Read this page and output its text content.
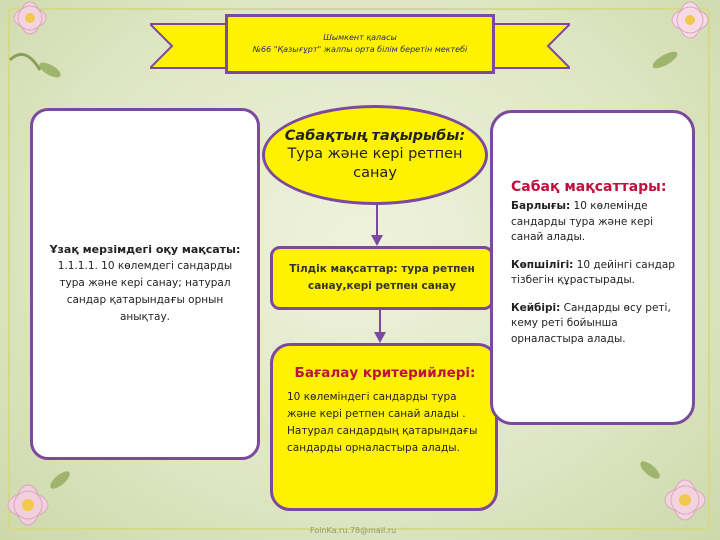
Шымкент қаласы
№66 "Қазығұрт" жалпы орта білім беретін мектебі
Ұзақ мерзімдегі оқу мақсаты:
1.1.1.1. 10 көлемдегі сандарды тура және кері санау; натурал сандар қатарындағы орнын анықтау.
Сабақтың тақырыбы:
Тура және кері ретпен санау
Тілдік мақсаттар: тура ретпен санау,кері ретпен санау
Бағалау критерийлері:
10 көлеміндегі сандарды тура және кері ретпен санай алады . Натурал сандардың қатарындағы сандарды орналастыра алады.
Сабақ мақсаттары:
Барлығы: 10 көлемінде сандарды тура және кері санай алады.
Көпшілігі: 10 дейінгі сандар тізбегін құрастырады.
Кейбірі: Сандарды өсу реті, кему реті бойынша орналастыра алады.
FoinKa.ru.78@mail.ru
